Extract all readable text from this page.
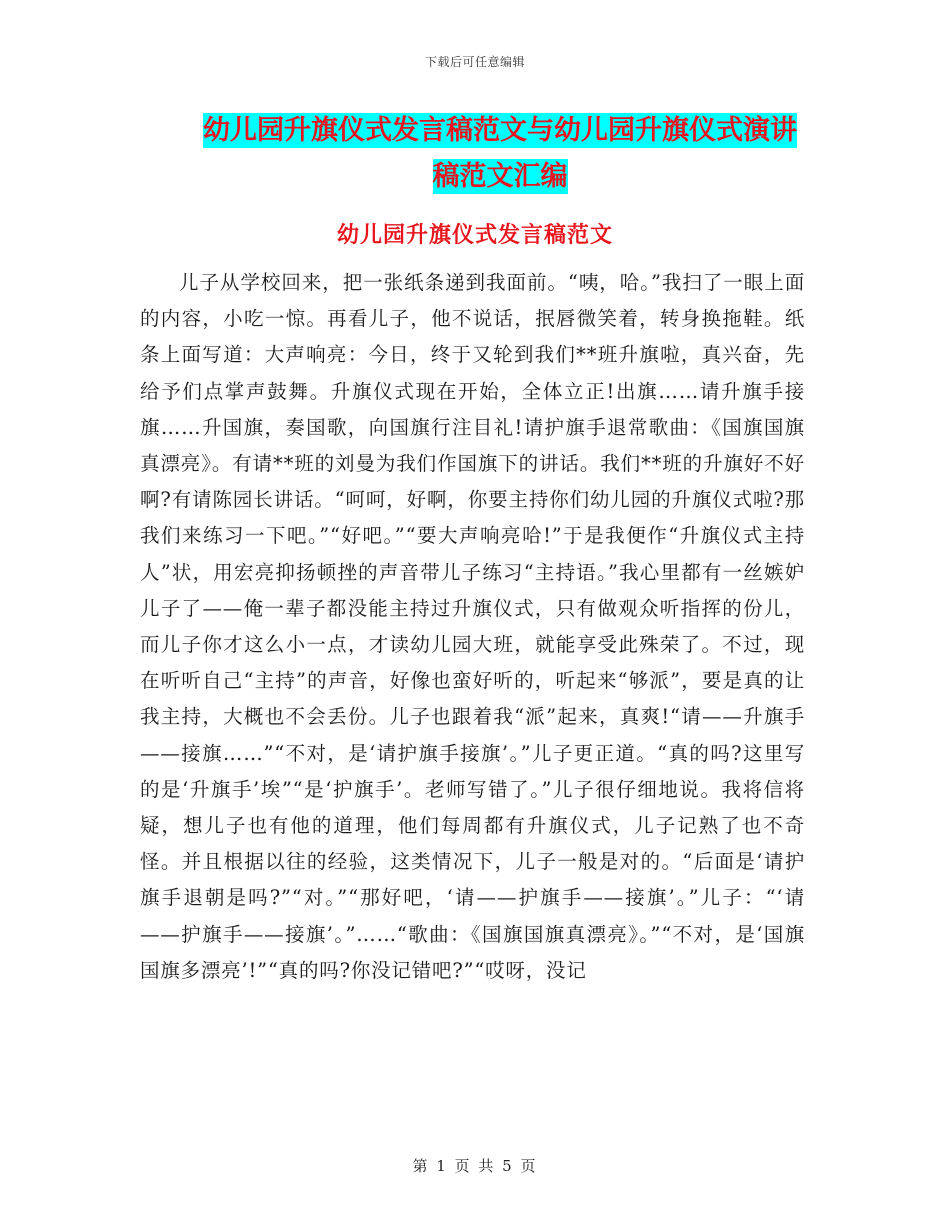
下载后可任意编辑
幼儿园升旗仪式发言稿范文与幼儿园升旗仪式演讲稿范文汇编
幼儿园升旗仪式发言稿范文

儿子从学校回来，把一张纸条递到我面前。“咦，哈。”我扫了一眼上面的内容，小吃一惊。再看儿子，他不说话，抿唇微笑着，转身换拖鞋。纸条上面写道：大声响亮：今日，终于又轮到我们**班升旗啦，真兴奋，先给予们点掌声鼓舞。升旗仪式现在开始，全体立正!出旗……请升旗手接旗……升国旗，奏国歌，向国旗行注目礼!请护旗手退常歌曲：《国旗国旗真漂亮》。有请**班的刘曼为我们作国旗下的讲话。我们**班的升旗好不好啊?有请陈园长讲话。“呵呵，好啊，你要主持你们幼儿园的升旗仪式啦?那我们来练习一下吧。”“好吧。”“要大声响亮哈!”于是我便作“升旗仪式主持人”状，用宏亮抑扬顿挫的声音带儿子练习“主持语。”我心里都有一丝嫉妒儿子了——俺一辈子都没能主持过升旗仪式，只有做观众听指挥的份儿，而儿子你才这么小一点，才读幼儿园大班，就能享受此殊荣了。不过，现在听听自己“主持”的声音，好像也蛮好听的，听起来“够派”，要是真的让我主持，大概也不会丢份。儿子也跟着我“派”起来，真爽!“请——升旗手——接旗……”“不对，是‘请护旗手接旗’。”儿子更正道。“真的吗?这里写的是‘升旗手’埃”“是‘护旗手’。老师写错了。”儿子很仔细地说。我将信将疑，想儿子也有他的道理，他们每周都有升旗仪式，儿子记熟了也不奇怪。并且根据以往的经验，这类情况下，儿子一般是对的。“后面是‘请护旗手退朝是吗?”“对。”“那好吧，‘请——护旗手——接旗’。”儿子：“‘请——护旗手——接旗’。”……“歌曲：《国旗国旗真漂亮》。”“不对，是‘国旗国旗多漂亮’!”“真的吗?你没记错吧?”“哎呀，没记

第 1 页 共 5 页
